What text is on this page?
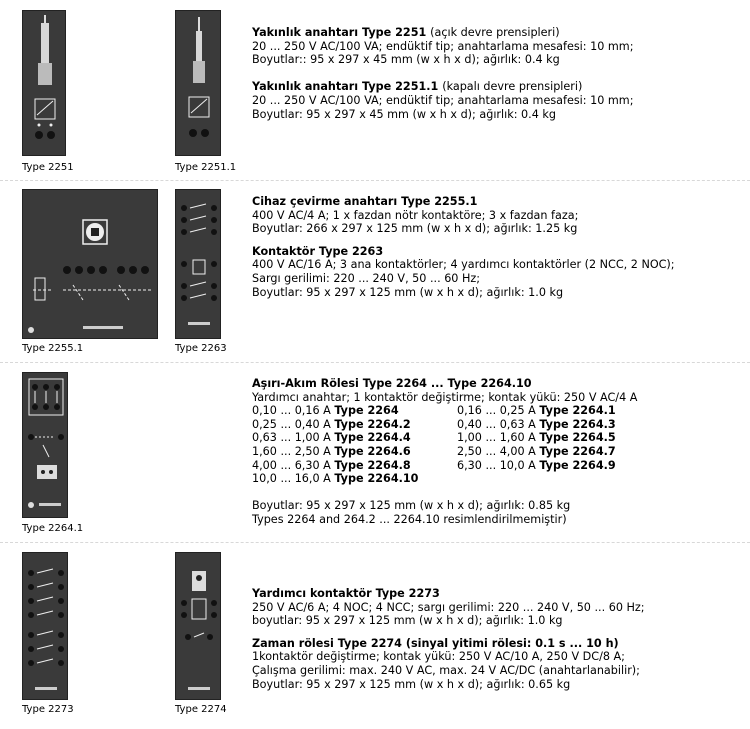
Type 2251	Type 2251.1
Yakınlık anahtarı Type 2251 (açık devre prensipleri)
20 ... 250 V AC/100 VA; endüktif tip; anahtarlama mesafesi: 10 mm;
Boyutlar:: 95 x 297 x 45 mm (w x h x d); ağırlık: 0.4 kg
Yakınlık anahtarı Type 2251.1 (kapalı devre prensipleri)
20 ... 250 V AC/100 VA; endüktif tip; anahtarlama mesafesi: 10 mm;
Boyutlar: 95 x 297 x 45 mm (w x h x d); ağırlık: 0.4 kg
Type 2255.1	Type 2263
Cihaz çevirme anahtarı Type 2255.1
400 V AC/4 A; 1 x fazdan nötr kontaktöre; 3 x fazdan faza;
Boyutlar: 266 x 297 x 125 mm (w x h x d); ağırlık: 1.25 kg
Kontaktör Type 2263
400 V AC/16 A; 3 ana kontaktörler; 4 yardımcı kontaktörler (2 NCC, 2 NOC);
Sargı gerilimi: 220 ... 240 V, 50 ... 60 Hz;
Boyutlar: 95 x 297 x 125 mm (w x h x d); ağırlık: 1.0 kg
Type 2264.1
Aşırı-Akım Rölesi Type 2264 ... Type 2264.10
Yardımcı anahtar; 1 kontaktör değiştirme; kontak yükü: 250 V AC/4 A
0,10 ... 0,16 A Type 2264	0,16 ... 0,25 A Type 2264.1
0,25 ... 0,40 A Type 2264.2	0,40 ... 0,63 A Type 2264.3
0,63 ... 1,00 A Type 2264.4	1,00 ... 1,60 A Type 2264.5
1,60 ... 2,50 A Type 2264.6	2,50 ... 4,00 A Type 2264.7
4,00 ... 6,30 A Type 2264.8	6,30 ... 10,0 A Type 2264.9
10,0 ... 16,0 A Type 2264.10
Boyutlar: 95 x 297 x 125 mm (w x h x d); ağırlık: 0.85 kg
Types 2264 and 264.2 ... 2264.10 resimlendirilmemiştir)
Type 2273	Type 2274
Yardımcı kontaktör Type 2273
250 V AC/6 A; 4 NOC; 4 NCC; sargı gerilimi: 220 ... 240 V, 50 ... 60 Hz;
boyutlar: 95 x 297 x 125 mm (w x h x d); ağırlık: 1.0 kg
Zaman rölesi Type 2274 (sinyal yitimi rölesi: 0.1 s ... 10 h)
1kontaktör değiştirme; kontak yükü: 250 V AC/10 A, 250 V DC/8 A;
Çalışma gerilimi: max. 240 V AC, max. 24 V AC/DC (anahtarlanabilir);
Boyutlar: 95 x 297 x 125 mm (w x h x d); ağırlık: 0.65 kg
